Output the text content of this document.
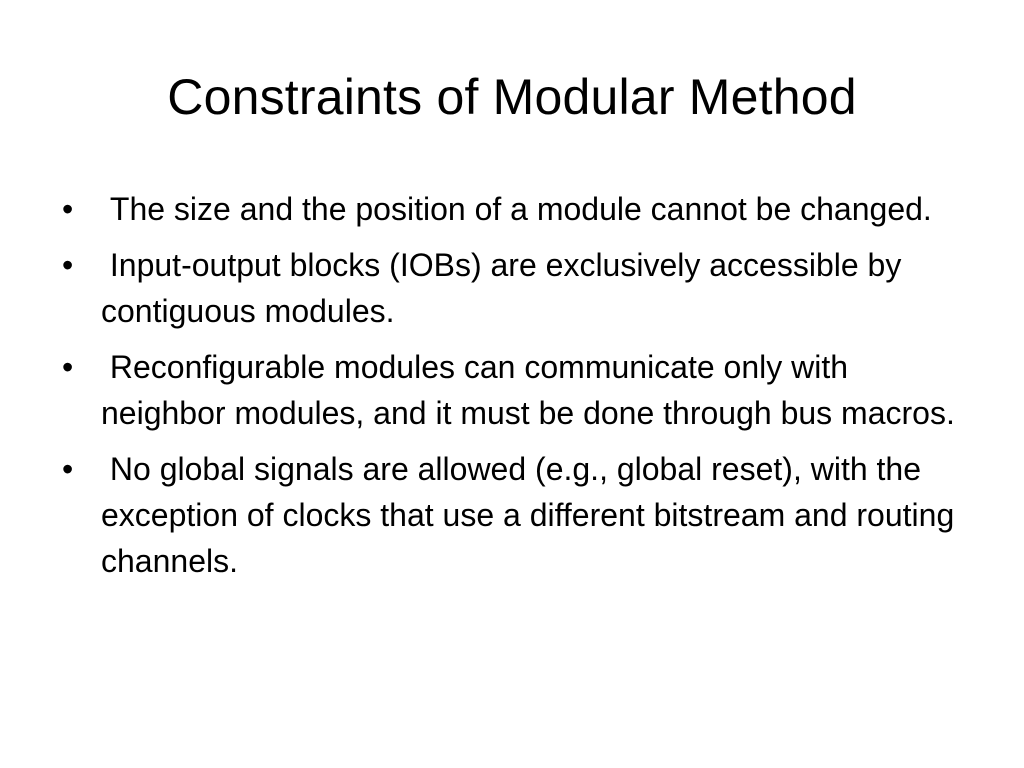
Constraints of Modular Method
• The size and the position of a module cannot be changed.
• Input-output blocks (IOBs) are exclusively accessible by contiguous modules.
• Reconfigurable modules can communicate only with neighbor modules, and it must be done through bus macros.
• No global signals are allowed (e.g., global reset), with the exception of clocks that use a different bitstream and routing channels.
